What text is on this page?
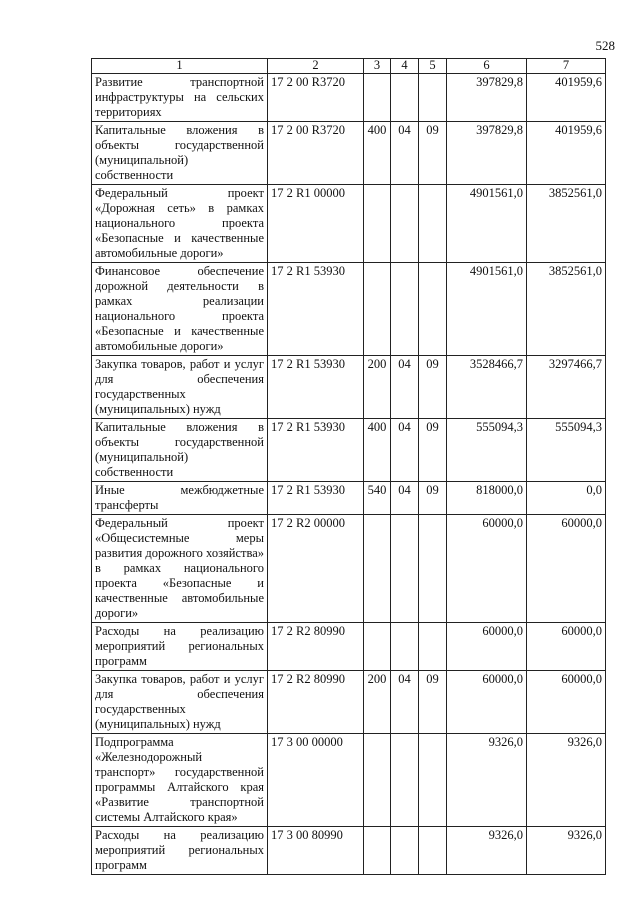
528
1	2	3	4	5	6	7
Развитие транспортной инфраструктуры на сельских территориях	17 2 00 R3720				397829,8	401959,6
Капитальные вложения в объекты государственной (муниципальной) собственности	17 2 00 R3720	400	04	09	397829,8	401959,6
Федеральный проект «Дорожная сеть» в рамках национального проекта «Безопасные и качественные автомобильные дороги»	17 2 R1 00000				4901561,0	3852561,0
Финансовое обеспечение дорожной деятельности в рамках реализации национального проекта «Безопасные и качественные автомобильные дороги»	17 2 R1 53930				4901561,0	3852561,0
Закупка товаров, работ и услуг для обеспечения государственных (муниципальных) нужд	17 2 R1 53930	200	04	09	3528466,7	3297466,7
Капитальные вложения в объекты государственной (муниципальной) собственности	17 2 R1 53930	400	04	09	555094,3	555094,3
Иные межбюджетные трансферты	17 2 R1 53930	540	04	09	818000,0	0,0
Федеральный проект «Общесистемные меры развития дорожного хозяйства» в рамках национального проекта «Безопасные и качественные автомобильные дороги»	17 2 R2 00000				60000,0	60000,0
Расходы на реализацию мероприятий региональных программ	17 2 R2 80990				60000,0	60000,0
Закупка товаров, работ и услуг для обеспечения государственных (муниципальных) нужд	17 2 R2 80990	200	04	09	60000,0	60000,0
Подпрограмма «Железнодорожный транспорт» государственной программы Алтайского края «Развитие транспортной системы Алтайского края»	17 3 00 00000				9326,0	9326,0
Расходы на реализацию мероприятий региональных программ	17 3 00 80990				9326,0	9326,0
